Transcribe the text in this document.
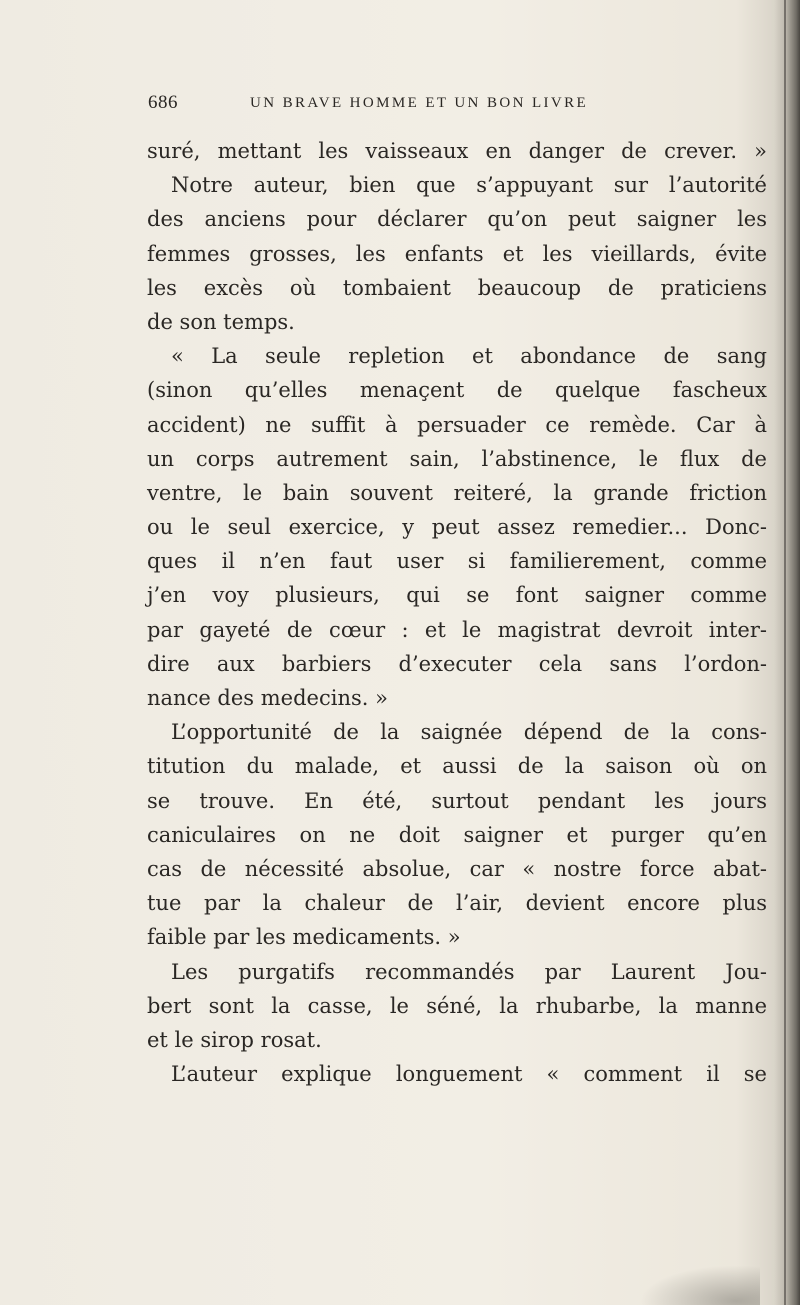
686	UN BRAVE HOMME ET UN BON LIVRE
suré, mettant les vaisseaux en danger de crever. »
Notre auteur, bien que s’appuyant sur l’autorité
des anciens pour déclarer qu’on peut saigner les
femmes grosses, les enfants et les vieillards, évite
les excès où tombaient beaucoup de praticiens
de son temps.
« La seule repletion et abondance de sang
(sinon qu’elles menaçent de quelque fascheux
accident) ne suffit à persuader ce remède. Car à
un corps autrement sain, l’abstinence, le flux de
ventre, le bain souvent reiteré, la grande friction
ou le seul exercice, y peut assez remedier... Donc-
ques il n’en faut user si familierement, comme
j’en voy plusieurs, qui se font saigner comme
par gayeté de cœur : et le magistrat devroit inter-
dire aux barbiers d’executer cela sans l’ordon-
nance des medecins. »
L’opportunité de la saignée dépend de la cons-
titution du malade, et aussi de la saison où on
se trouve. En été, surtout pendant les jours
caniculaires on ne doit saigner et purger qu’en
cas de nécessité absolue, car « nostre force abat-
tue par la chaleur de l’air, devient encore plus
faible par les medicaments. »
Les purgatifs recommandés par Laurent Jou-
bert sont la casse, le séné, la rhubarbe, la manne
et le sirop rosat.
L’auteur explique longuement « comment il se
